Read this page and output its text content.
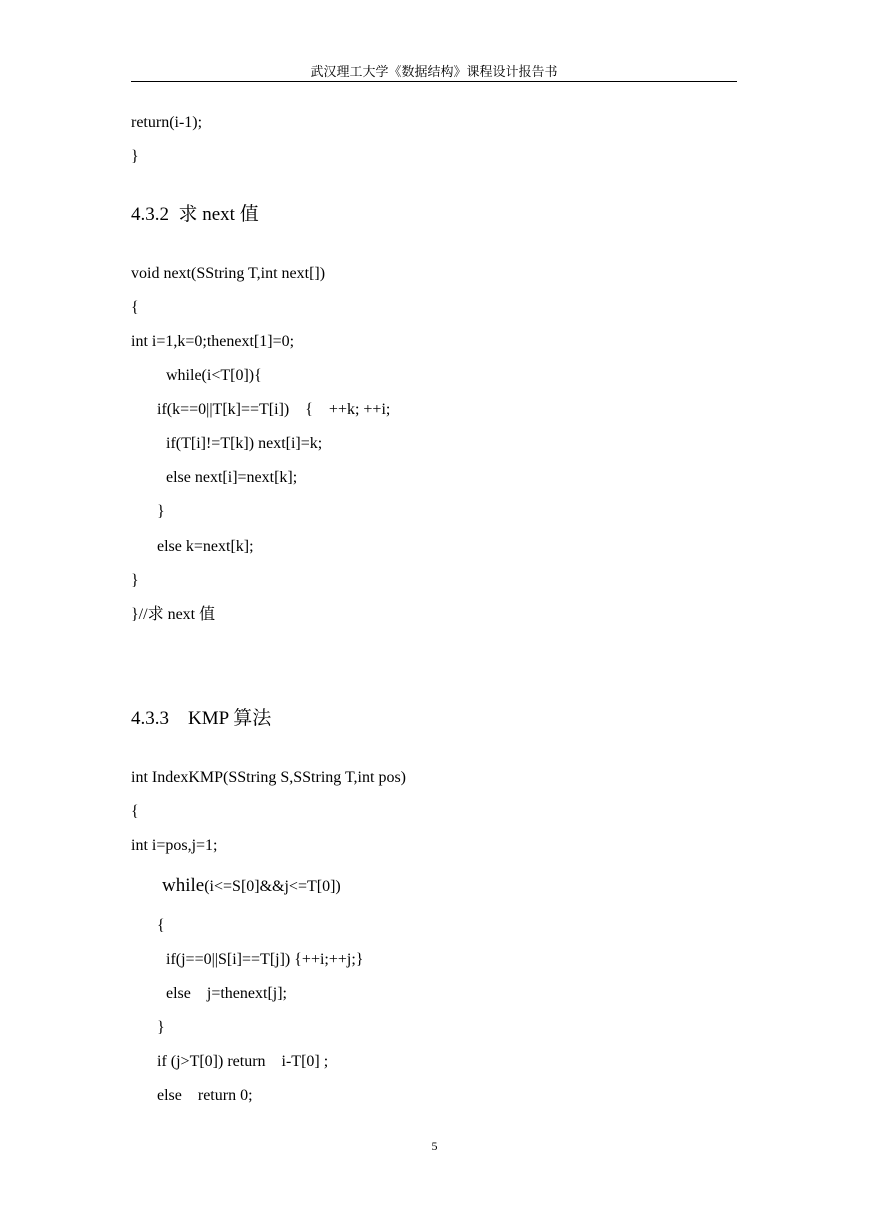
武汉理工大学《数据结构》课程设计报告书
return(i-1);
}
4.3.2  求 next 值
void next(SString T,int next[])
{
int i=1,k=0;thenext[1]=0;
while(i<T[0]){
if(k==0||T[k]==T[i])    {    ++k; ++i;
if(T[i]!=T[k]) next[i]=k;
else next[i]=next[k];
}
else k=next[k];
}
}//求 next 值
4.3.3    KMP 算法
int IndexKMP(SString S,SString T,int pos)
{
int i=pos,j=1;
while(i<=S[0]&&j<=T[0])
{
if(j==0||S[i]==T[j]) {++i;++j;}
else    j=thenext[j];
}
if (j>T[0]) return    i-T[0] ;
else    return 0;
5
